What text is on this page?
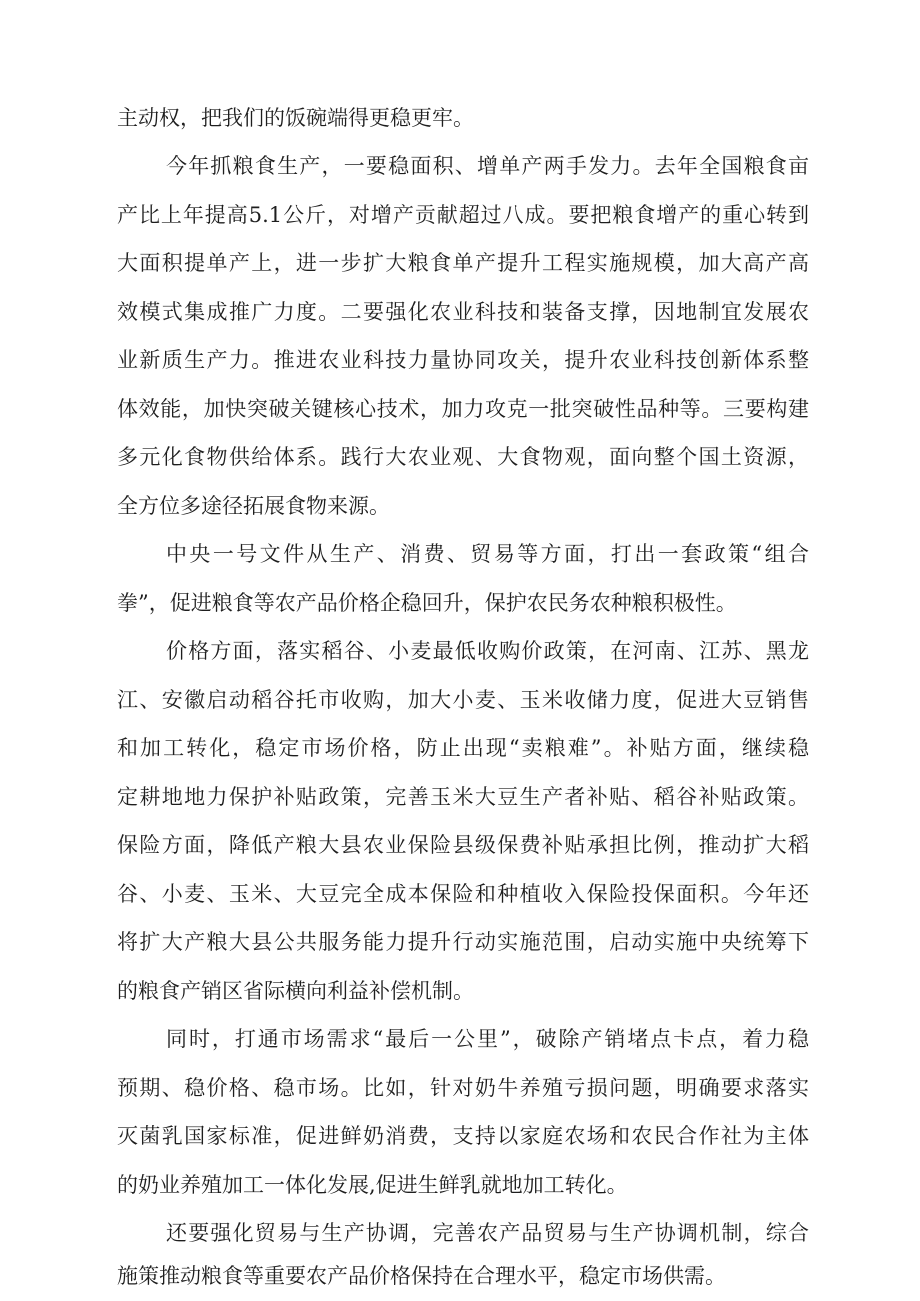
主动权，把我们的饭碗端得更稳更牢。
今年抓粮食生产，一要稳面积、增单产两手发力。去年全国粮食亩
产比上年提高5.1公斤，对增产贡献超过八成。要把粮食增产的重心转到
大面积提单产上，进一步扩大粮食单产提升工程实施规模，加大高产高
效模式集成推广力度。二要强化农业科技和装备支撑，因地制宜发展农
业新质生产力。推进农业科技力量协同攻关，提升农业科技创新体系整
体效能，加快突破关键核心技术，加力攻克一批突破性品种等。三要构建
多元化食物供给体系。践行大农业观、大食物观，面向整个国土资源，
全方位多途径拓展食物来源。
中央一号文件从生产、消费、贸易等方面，打出一套政策“组合
拳”，促进粮食等农产品价格企稳回升，保护农民务农种粮积极性。
价格方面，落实稻谷、小麦最低收购价政策，在河南、江苏、黑龙
江、安徽启动稻谷托市收购，加大小麦、玉米收储力度，促进大豆销售
和加工转化，稳定市场价格，防止出现“卖粮难”。补贴方面，继续稳
定耕地地力保护补贴政策，完善玉米大豆生产者补贴、稻谷补贴政策。
保险方面，降低产粮大县农业保险县级保费补贴承担比例，推动扩大稻
谷、小麦、玉米、大豆完全成本保险和种植收入保险投保面积。今年还
将扩大产粮大县公共服务能力提升行动实施范围，启动实施中央统筹下
的粮食产销区省际横向利益补偿机制。
同时，打通市场需求“最后一公里”，破除产销堵点卡点，着力稳
预期、稳价格、稳市场。比如，针对奶牛养殖亏损问题，明确要求落实
灭菌乳国家标准，促进鲜奶消费，支持以家庭农场和农民合作社为主体
的奶业养殖加工一体化发展,促进生鲜乳就地加工转化。
还要强化贸易与生产协调，完善农产品贸易与生产协调机制，综合
施策推动粮食等重要农产品价格保持在合理水平，稳定市场供需。
